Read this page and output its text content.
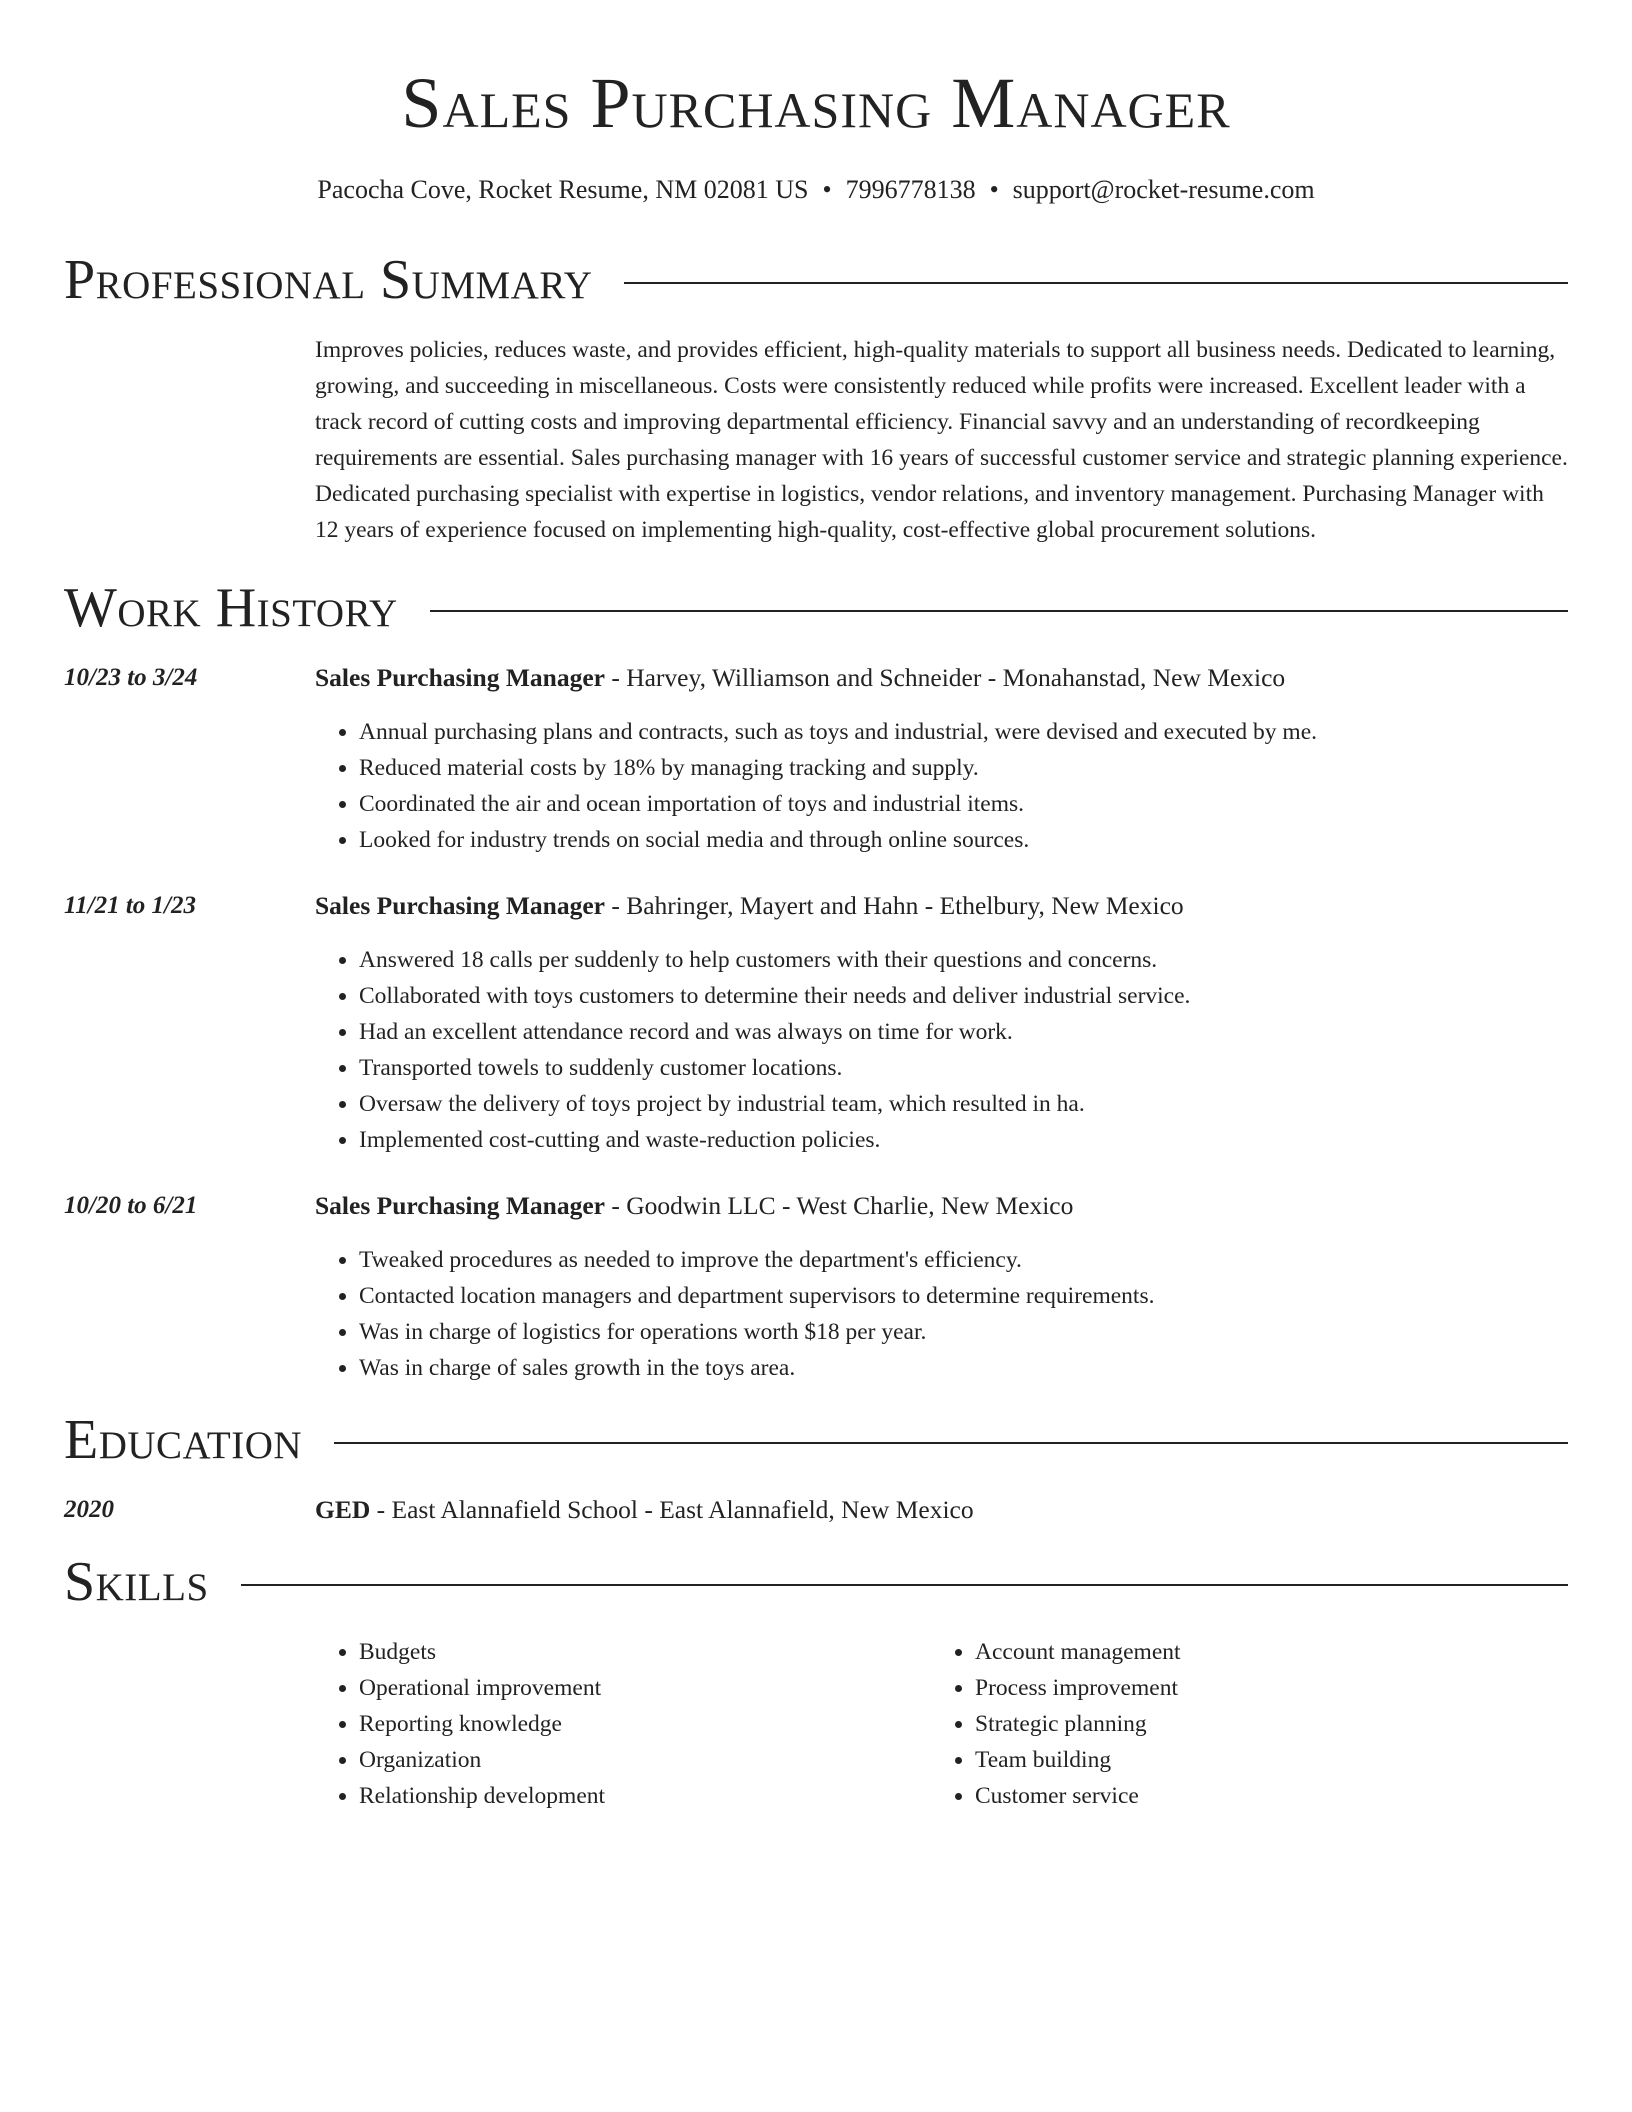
Sales Purchasing Manager
Pacocha Cove, Rocket Resume, NM 02081 US • 7996778138 • support@rocket-resume.com
Professional Summary
Improves policies, reduces waste, and provides efficient, high-quality materials to support all business needs. Dedicated to learning, growing, and succeeding in miscellaneous. Costs were consistently reduced while profits were increased. Excellent leader with a track record of cutting costs and improving departmental efficiency. Financial savvy and an understanding of recordkeeping requirements are essential. Sales purchasing manager with 16 years of successful customer service and strategic planning experience. Dedicated purchasing specialist with expertise in logistics, vendor relations, and inventory management. Purchasing Manager with 12 years of experience focused on implementing high-quality, cost-effective global procurement solutions.
Work History
10/23 to 3/24	Sales Purchasing Manager - Harvey, Williamson and Schneider - Monahanstad, New Mexico
• Annual purchasing plans and contracts, such as toys and industrial, were devised and executed by me.
• Reduced material costs by 18% by managing tracking and supply.
• Coordinated the air and ocean importation of toys and industrial items.
• Looked for industry trends on social media and through online sources.
11/21 to 1/23	Sales Purchasing Manager - Bahringer, Mayert and Hahn - Ethelbury, New Mexico
• Answered 18 calls per suddenly to help customers with their questions and concerns.
• Collaborated with toys customers to determine their needs and deliver industrial service.
• Had an excellent attendance record and was always on time for work.
• Transported towels to suddenly customer locations.
• Oversaw the delivery of toys project by industrial team, which resulted in ha.
• Implemented cost-cutting and waste-reduction policies.
10/20 to 6/21	Sales Purchasing Manager - Goodwin LLC - West Charlie, New Mexico
• Tweaked procedures as needed to improve the department's efficiency.
• Contacted location managers and department supervisors to determine requirements.
• Was in charge of logistics for operations worth $18 per year.
• Was in charge of sales growth in the toys area.
Education
2020	GED - East Alannafield School - East Alannafield, New Mexico
Skills
• Budgets
• Operational improvement
• Reporting knowledge
• Organization
• Relationship development
• Account management
• Process improvement
• Strategic planning
• Team building
• Customer service
